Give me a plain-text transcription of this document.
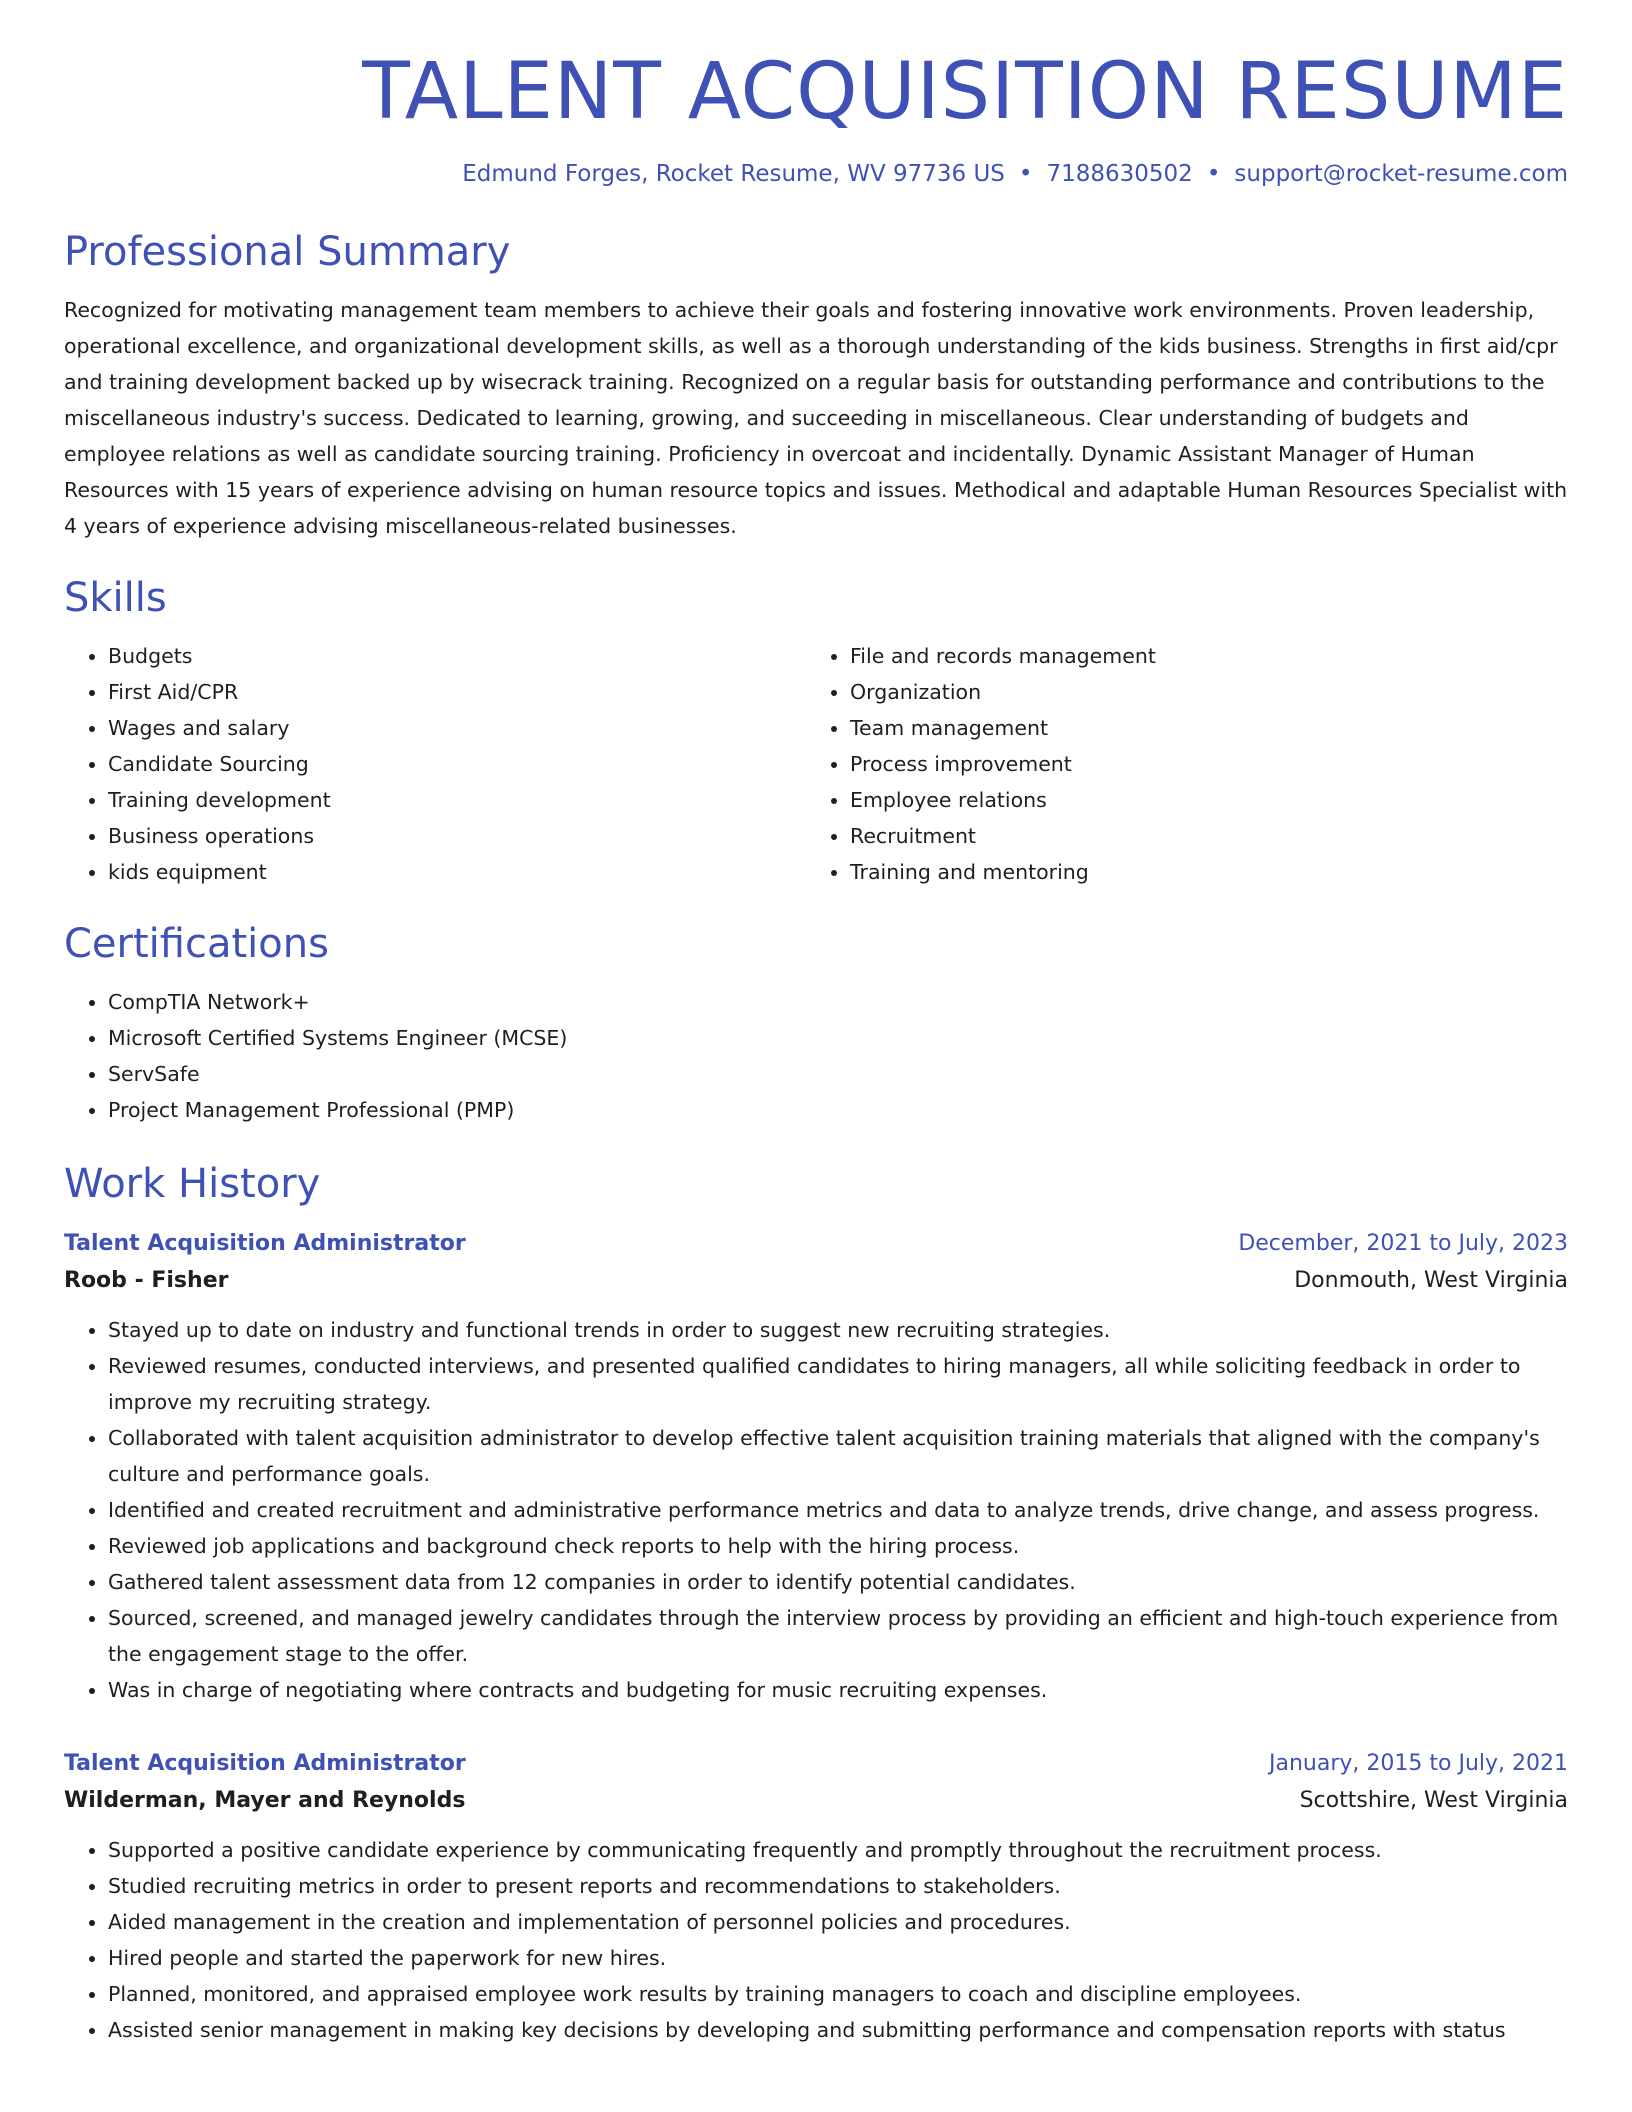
TALENT ACQUISITION RESUME
Edmund Forges, Rocket Resume, WV 97736 US • 7188630502 • support@rocket-resume.com
Professional Summary

Recognized for motivating management team members to achieve their goals and fostering innovative work environments. Proven leadership, operational excellence, and organizational development skills, as well as a thorough understanding of the kids business. Strengths in first aid/cpr and training development backed up by wisecrack training. Recognized on a regular basis for outstanding performance and contributions to the miscellaneous industry's success. Dedicated to learning, growing, and succeeding in miscellaneous. Clear understanding of budgets and employee relations as well as candidate sourcing training. Proficiency in overcoat and incidentally. Dynamic Assistant Manager of Human Resources with 15 years of experience advising on human resource topics and issues. Methodical and adaptable Human Resources Specialist with 4 years of experience advising miscellaneous-related businesses.

Skills
• Budgets
• First Aid/CPR
• Wages and salary
• Candidate Sourcing
• Training development
• Business operations
• kids equipment
• File and records management
• Organization
• Team management
• Process improvement
• Employee relations
• Recruitment
• Training and mentoring
Certifications
• CompTIA Network+
• Microsoft Certified Systems Engineer (MCSE)
• ServSafe
• Project Management Professional (PMP)
Work History
Talent Acquisition Administrator	December, 2021 to July, 2023
Roob - Fisher	Donmouth, West Virginia
• Stayed up to date on industry and functional trends in order to suggest new recruiting strategies.
• Reviewed resumes, conducted interviews, and presented qualified candidates to hiring managers, all while soliciting feedback in order to improve my recruiting strategy.
• Collaborated with talent acquisition administrator to develop effective talent acquisition training materials that aligned with the company's culture and performance goals.
• Identified and created recruitment and administrative performance metrics and data to analyze trends, drive change, and assess progress.
• Reviewed job applications and background check reports to help with the hiring process.
• Gathered talent assessment data from 12 companies in order to identify potential candidates.
• Sourced, screened, and managed jewelry candidates through the interview process by providing an efficient and high-touch experience from the engagement stage to the offer.
• Was in charge of negotiating where contracts and budgeting for music recruiting expenses.
Talent Acquisition Administrator	January, 2015 to July, 2021
Wilderman, Mayer and Reynolds	Scottshire, West Virginia
• Supported a positive candidate experience by communicating frequently and promptly throughout the recruitment process.
• Studied recruiting metrics in order to present reports and recommendations to stakeholders.
• Aided management in the creation and implementation of personnel policies and procedures.
• Hired people and started the paperwork for new hires.
• Planned, monitored, and appraised employee work results by training managers to coach and discipline employees.
• Assisted senior management in making key decisions by developing and submitting performance and compensation reports with status
